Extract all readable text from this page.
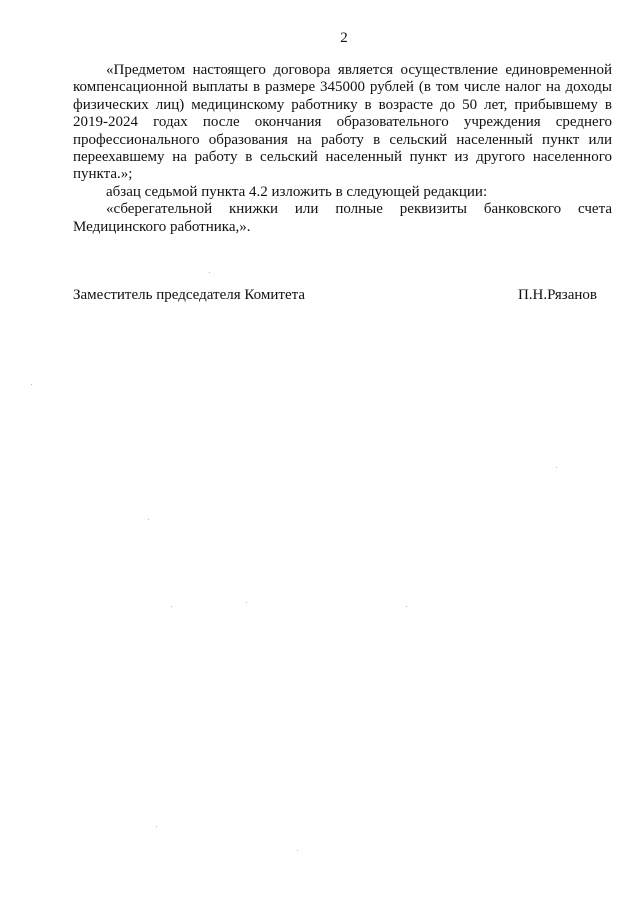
2

«Предметом настоящего договора является осуществление единовременной компенсационной выплаты в размере 345000 рублей (в том числе налог на доходы физических лиц) медицинскому работнику в возрасте до 50 лет, прибывшему в 2019-2024 годах после окончания образовательного учреждения среднего профессионального образования на работу в сельский населенный пункт или переехавшему на работу в сельский населенный пункт из другого населенного пункта.»;

абзац седьмой пункта 4.2 изложить в следующей редакции:

«сберегательной книжки или полные реквизиты банковского счета Медицинского работника,».

Заместитель председателя Комитета	П.Н.Рязанов
